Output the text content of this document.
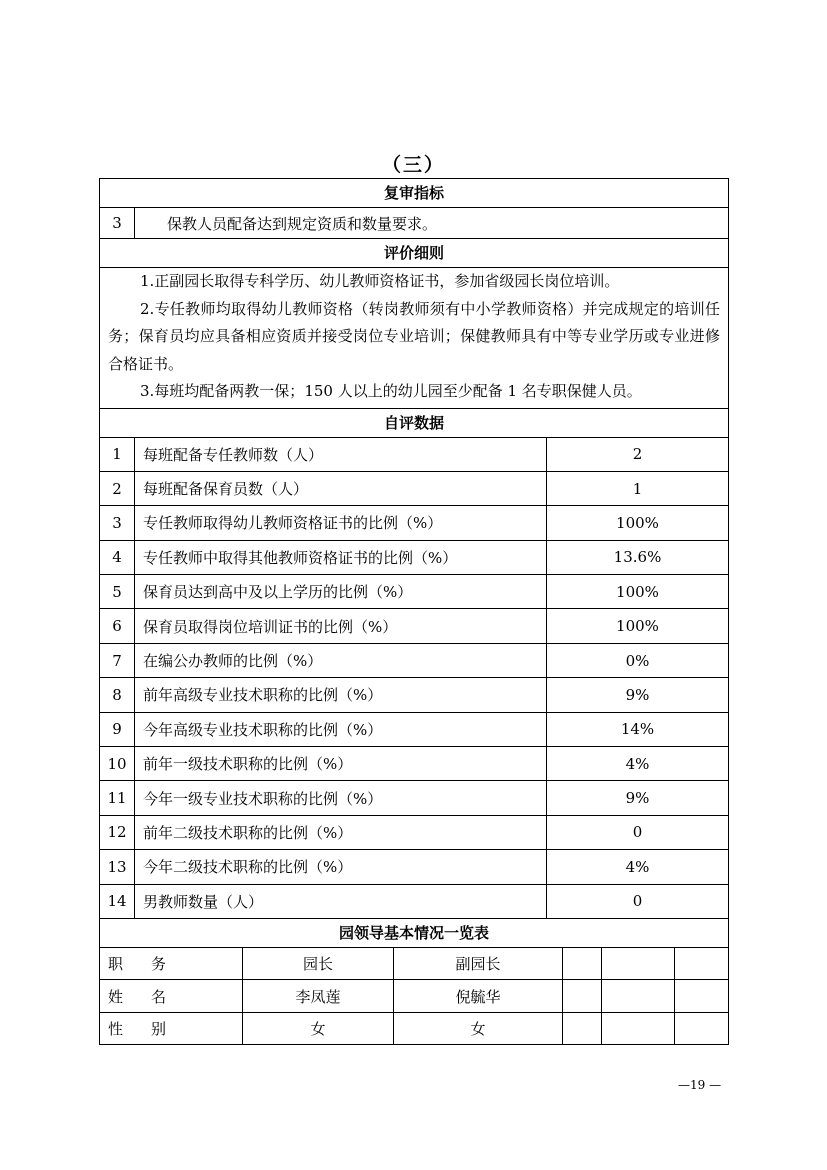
（三）
复审指标
3	保教人员配备达到规定资质和数量要求。
评价细则

1.正副园长取得专科学历、幼儿教师资格证书，参加省级园长岗位培训。

2.专任教师均取得幼儿教师资格（转岗教师须有中小学教师资格）并完成规定的培训任务；保育员均应具备相应资质并接受岗位专业培训；保健教师具有中等专业学历或专业进修合格证书。

3.每班均配备两教一保；150 人以上的幼儿园至少配备 1 名专职保健人员。

自评数据
1	每班配备专任教师数（人）	2
2	每班配备保育员数（人）	1
3	专任教师取得幼儿教师资格证书的比例（%）	100%
4	专任教师中取得其他教师资格证书的比例（%）	13.6%
5	保育员达到高中及以上学历的比例（%）	100%
6	保育员取得岗位培训证书的比例（%）	100%
7	在编公办教师的比例（%）	0%
8	前年高级专业技术职称的比例（%）	9%
9	今年高级专业技术职称的比例（%）	14%
10	前年一级技术职称的比例（%）	4%
11	今年一级专业技术职称的比例（%）	9%
12	前年二级技术职称的比例（%）	0
13	今年二级技术职称的比例（%）	4%
14	男教师数量（人）	0
园领导基本情况一览表
职 务	园长	副园长
姓 名	李凤莲	倪毓华
性 别	女	女
—19 —
